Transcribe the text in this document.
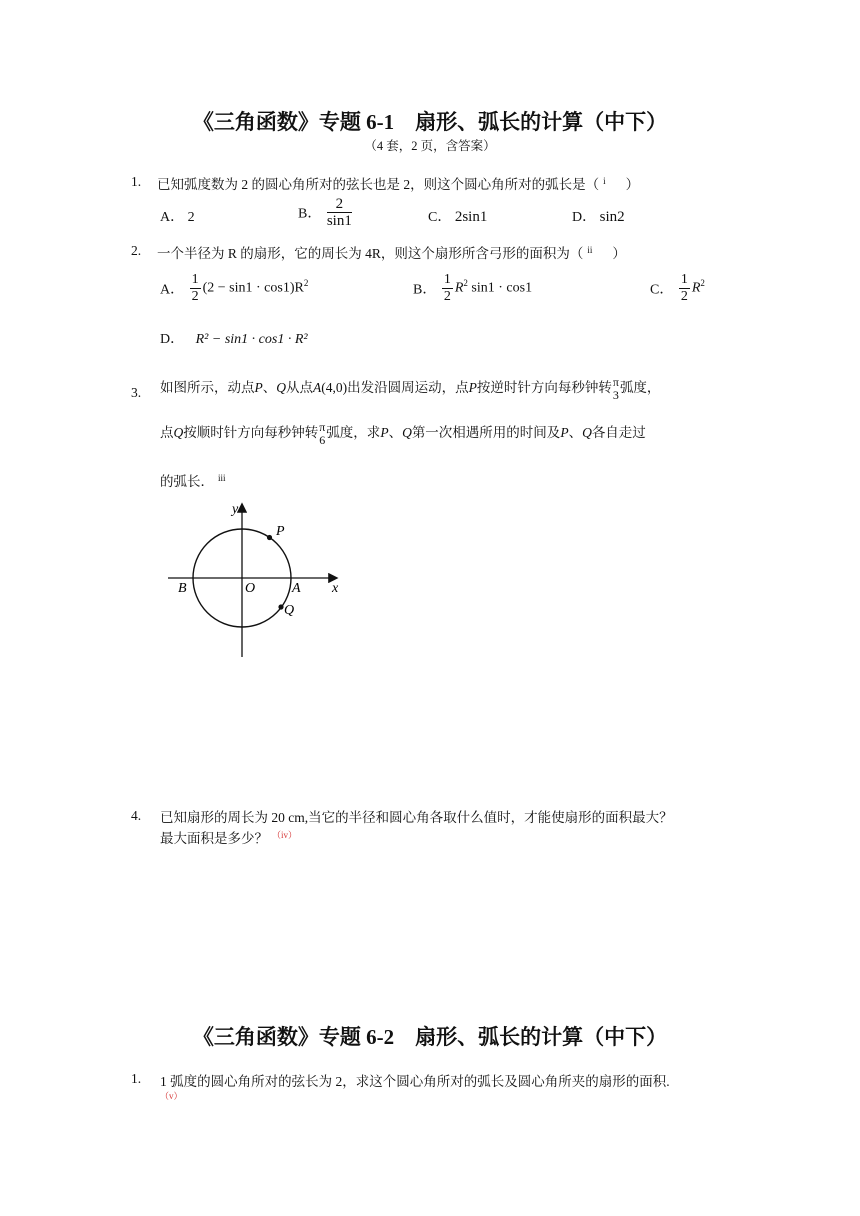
《三角函数》专题 6-1　扇形、弧长的计算（中下）
（4 套，2 页，含答案）
1. 已知弧度数为 2 的圆心角所对的弦长也是 2，则这个圆心角所对的弧长是（ $^i$ ）
A． 2	B． $\frac{2}{\sin 1}$	C． 2sin1	D． sin2
2. 一个半径为 R 的扇形，它的周长为 4R，则这个扇形所含弓形的面积为（ $^{ii}$ ）
A． $\frac{1}{2} (2 - \sin 1 \cdot \cos 1)R^2$	B． $\frac{1}{2} R^2$ sin1 · cos1	C． $\frac{1}{2} R^2$
D． R² − sin1 · cos1 · R²
3. 如图所示，动点P、Q从点A(4,0)出发沿圆周运动，点P按逆时针方向每秒钟转 π
3 弧度，
点Q按顺时针方向每秒钟转 π
6 弧度，求P、Q第一次相遇所用的时间及P、Q各自走过
的弧长． $^{iii}$
y
x
P
Q
B	O	A
4. 已知扇形的周长为 20 cm,当它的半径和圆心角各取什么值时，才能使扇形的面积最大？
最大面积是多少？ $^{(iv)}$
《三角函数》专题 6-2　扇形、弧长的计算（中下）
1. 1 弧度的圆心角所对的弦长为 2，求这个圆心角所对的弧长及圆心角所夹的扇形的面积.
（v）
